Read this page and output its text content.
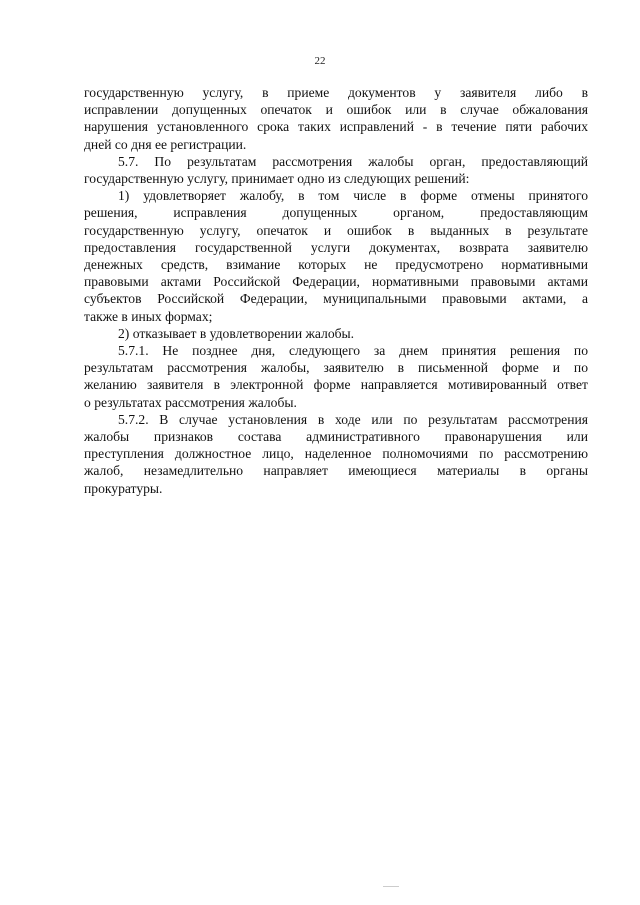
22

государственную услугу, в приеме документов у заявителя либо в
исправлении допущенных опечаток и ошибок или в случае обжалования
нарушения установленного срока таких исправлений - в течение пяти рабочих
дней со дня ее регистрации.

5.7. По результатам рассмотрения жалобы орган, предоставляющий
государственную услугу, принимает одно из следующих решений:

1) удовлетворяет жалобу, в том числе в форме отмены принятого
решения, исправления допущенных органом, предоставляющим
государственную услугу, опечаток и ошибок в выданных в результате
предоставления государственной услуги документах, возврата заявителю
денежных средств, взимание которых не предусмотрено нормативными
правовыми актами Российской Федерации, нормативными правовыми актами
субъектов Российской Федерации, муниципальными правовыми актами, а
также в иных формах;

2) отказывает в удовлетворении жалобы.

5.7.1. Не позднее дня, следующего за днем принятия решения по
результатам рассмотрения жалобы, заявителю в письменной форме и по
желанию заявителя в электронной форме направляется мотивированный ответ
о результатах рассмотрения жалобы.

5.7.2. В случае установления в ходе или по результатам рассмотрения
жалобы признаков состава административного правонарушения или
преступления должностное лицо, наделенное полномочиями по рассмотрению
жалоб, незамедлительно направляет имеющиеся материалы в органы
прокуратуры.
